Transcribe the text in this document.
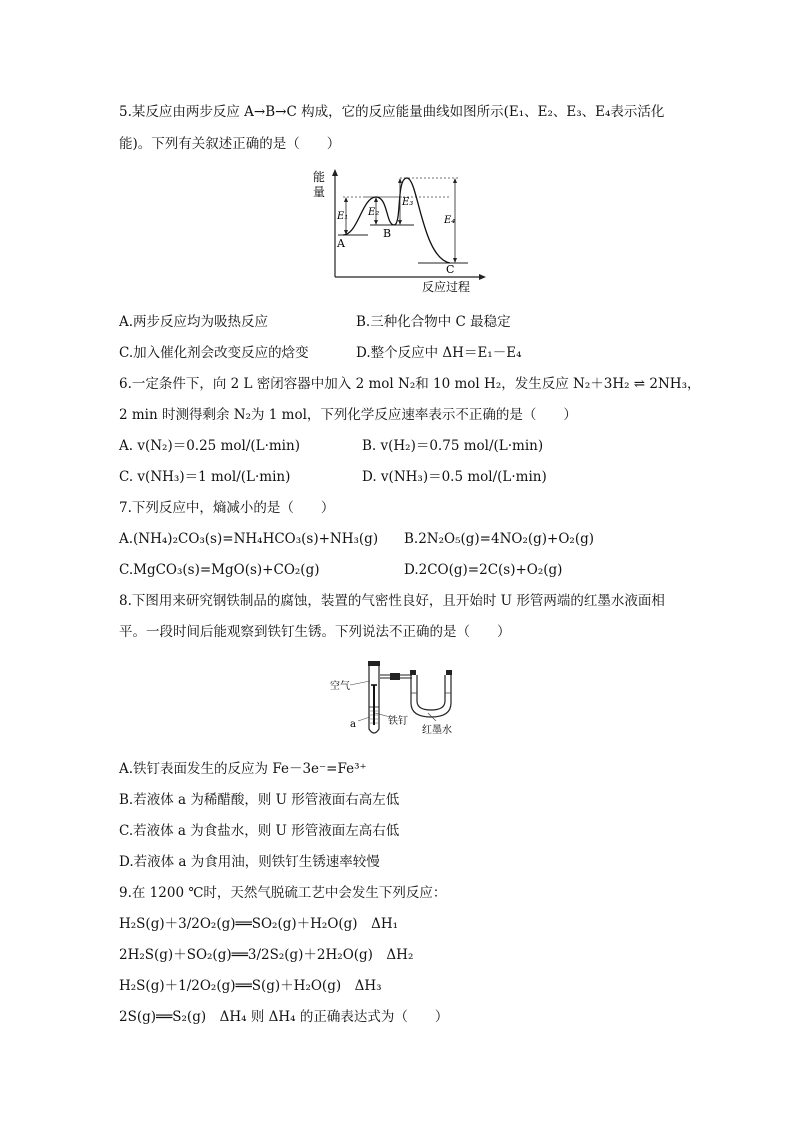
5.某反应由两步反应 A→B→C 构成，它的反应能量曲线如图所示(E₁、E₂、E₃、E₄表示活化
能)。下列有关叙述正确的是（　　）
能
量
反应过程
E₁ E₂
E₃
E₄
A
B
C
A.两步反应均为吸热反应	B.三种化合物中 C 最稳定
C.加入催化剂会改变反应的焓变	D.整个反应中 ΔH＝E₁－E₄
6.一定条件下，向 2 L 密闭容器中加入 2 mol N₂和 10 mol H₂，发生反应 N₂＋3H₂ ⇌ 2NH₃，
2 min 时测得剩余 N₂为 1 mol，下列化学反应速率表示不正确的是（　　）
A. v(N₂)＝0.25 mol/(L·min)	B. v(H₂)＝0.75 mol/(L·min)
C. v(NH₃)＝1 mol/(L·min)	D. v(NH₃)＝0.5 mol/(L·min)
7.下列反应中，熵减小的是（　　）
A.(NH₄)₂CO₃(s)=NH₄HCO₃(s)+NH₃(g) B.2N₂O₅(g)=4NO₂(g)+O₂(g)
C.MgCO₃(s)=MgO(s)+CO₂(g)	D.2CO(g)=2C(s)+O₂(g)
8.下图用来研究钢铁制品的腐蚀，装置的气密性良好，且开始时 U 形管两端的红墨水液面相
平。一段时间后能观察到铁钉生锈。下列说法不正确的是（　　）
空气
a	铁钉
红墨水
A.铁钉表面发生的反应为 Fe－3e⁻=Fe³⁺
B.若液体 a 为稀醋酸，则 U 形管液面右高左低
C.若液体 a 为食盐水，则 U 形管液面左高右低
D.若液体 a 为食用油，则铁钉生锈速率较慢
9.在 1200 ℃时，天然气脱硫工艺中会发生下列反应：
H₂S(g)＋3/2O₂(g)══SO₂(g)＋H₂O(g)　ΔH₁
2H₂S(g)＋SO₂(g)══3/2S₂(g)＋2H₂O(g)　ΔH₂
H₂S(g)＋1/2O₂(g)══S(g)＋H₂O(g)　ΔH₃
2S(g)══S₂(g)　ΔH₄ 则 ΔH₄ 的正确表达式为（　　）
